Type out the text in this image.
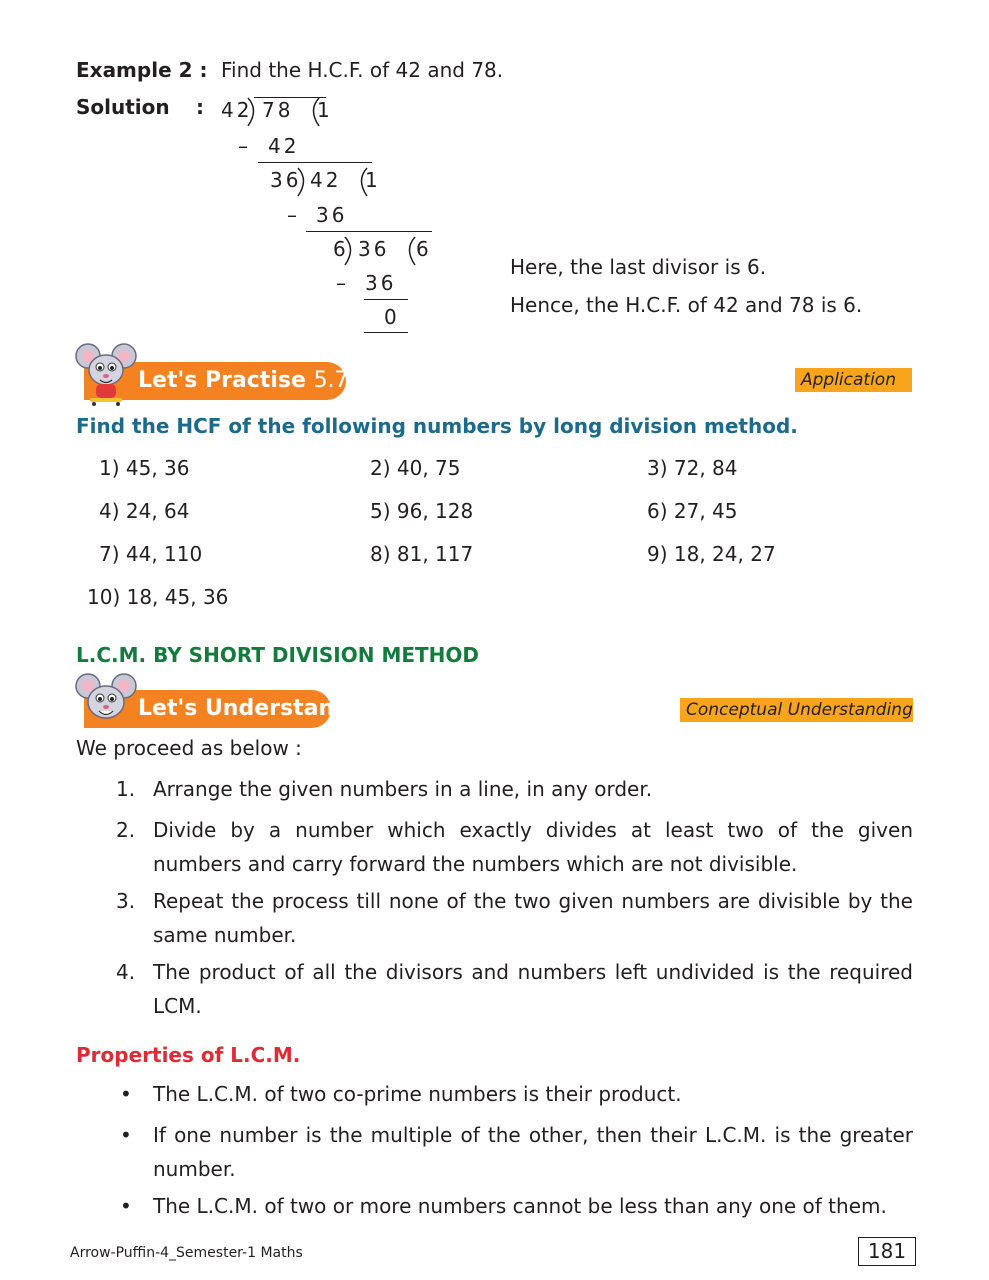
Example 2 : Find the H.C.F. of 42 and 78.
Solution : 42 78 1
– 42
36 42 1
– 36
6 36 6
– 36
0
Here, the last divisor is 6.
Hence, the H.C.F. of 42 and 78 is 6.
Let's Practise 5.7	Application
Find the HCF of the following numbers by long division method.
1) 45, 36	2) 40, 75	3) 72, 84
4) 24, 64	5) 96, 128	6) 27, 45
7) 44, 110	8) 81, 117	9) 18, 24, 27
10) 18, 45, 36
L.C.M. BY SHORT DIVISION METHOD
Let's Understand	Conceptual Understanding
We proceed as below :
1. Arrange the given numbers in a line, in any order.
2. Divide by a number which exactly divides at least two of the given numbers and carry forward the numbers which are not divisible.
3. Repeat the process till none of the two given numbers are divisible by the same number.
4. The product of all the divisors and numbers left undivided is the required LCM.
Properties of L.C.M.
• The L.C.M. of two co-prime numbers is their product.
• If one number is the multiple of the other, then their L.C.M. is the greater number.
• The L.C.M. of two or more numbers cannot be less than any one of them.
Arrow-Puffin-4_Semester-1 Maths	181
